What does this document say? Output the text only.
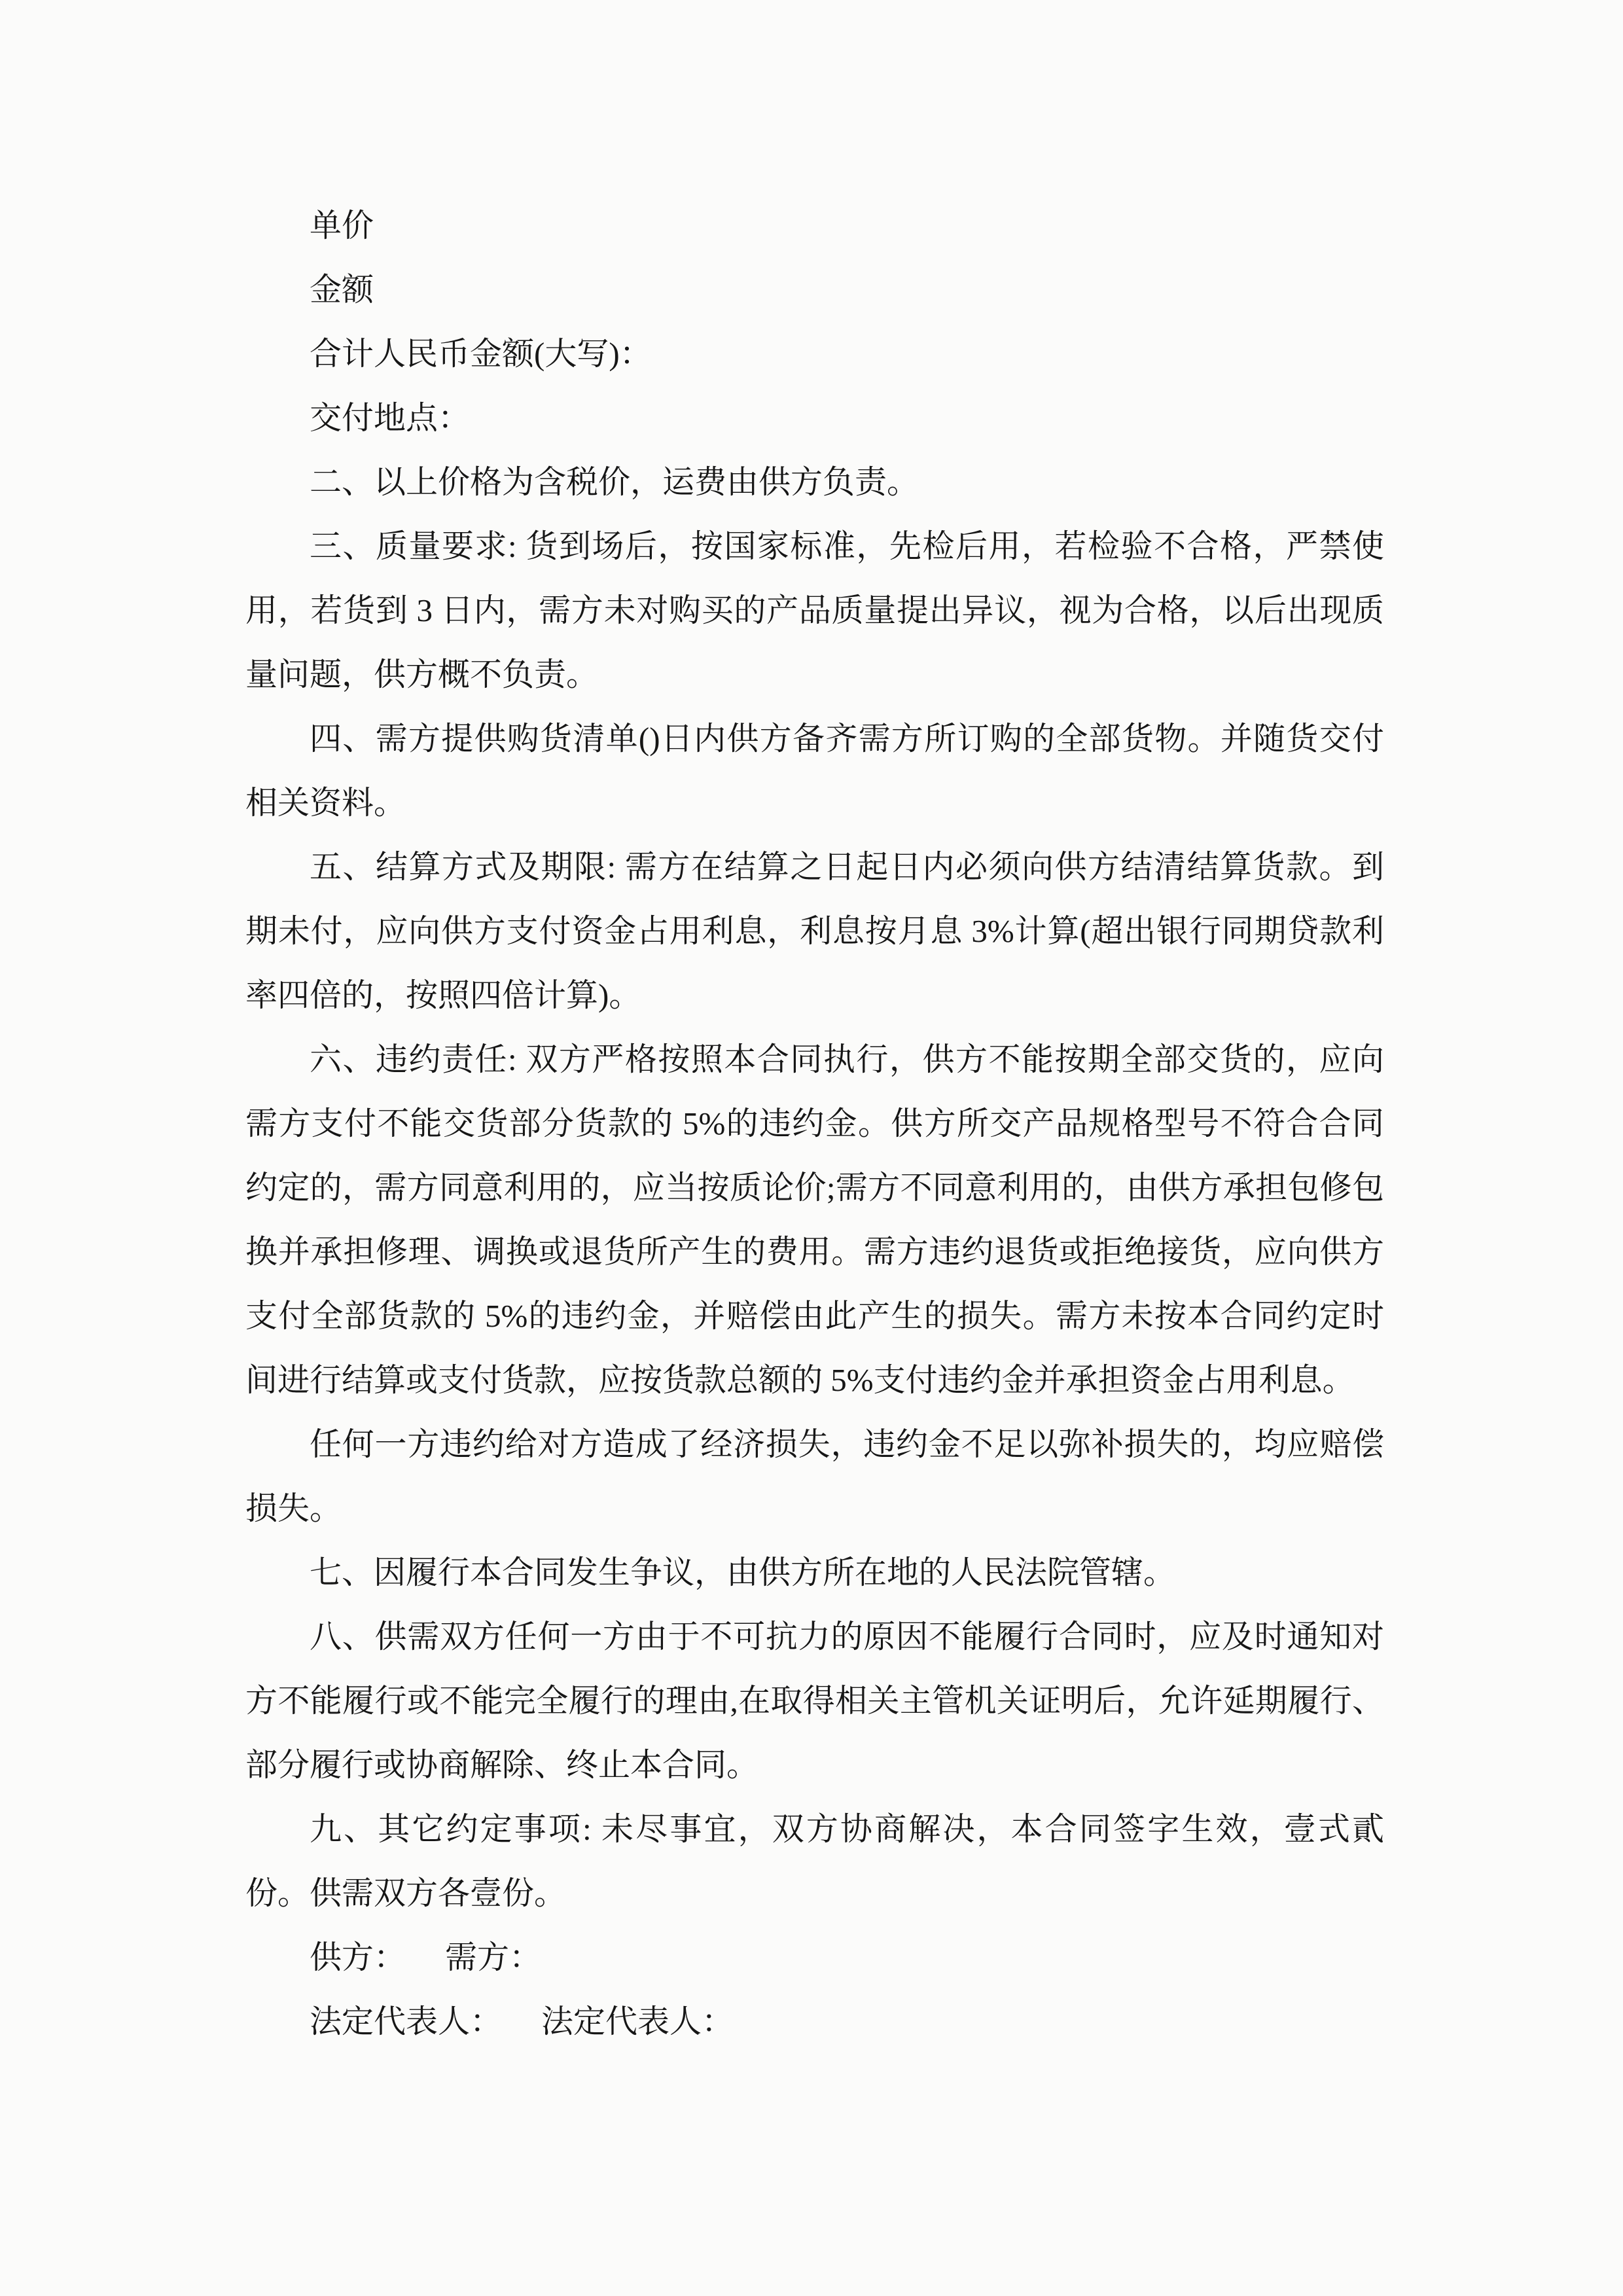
单价

金额

合计人民币金额(大写)：

交付地点：

二、以上价格为含税价，运费由供方负责。

三、质量要求: 货到场后，按国家标准，先检后用，若检验不合格，严禁使用，若货到 3 日内，需方未对购买的产品质量提出异议，视为合格，以后出现质量问题，供方概不负责。

四、需方提供购货清单()日内供方备齐需方所订购的全部货物。并随货交付相关资料。

五、结算方式及期限: 需方在结算之日起日内必须向供方结清结算货款。到期未付，应向供方支付资金占用利息，利息按月息 3%计算(超出银行同期贷款利率四倍的，按照四倍计算)。

六、违约责任: 双方严格按照本合同执行，供方不能按期全部交货的，应向需方支付不能交货部分货款的 5%的违约金。供方所交产品规格型号不符合合同约定的，需方同意利用的，应当按质论价;需方不同意利用的，由供方承担包修包换并承担修理、调换或退货所产生的费用。需方违约退货或拒绝接货，应向供方支付全部货款的 5%的违约金，并赔偿由此产生的损失。需方未按本合同约定时间进行结算或支付货款，应按货款总额的 5%支付违约金并承担资金占用利息。

任何一方违约给对方造成了经济损失，违约金不足以弥补损失的，均应赔偿损失。

七、因履行本合同发生争议，由供方所在地的人民法院管辖。

八、供需双方任何一方由于不可抗力的原因不能履行合同时，应及时通知对方不能履行或不能完全履行的理由,在取得相关主管机关证明后，允许延期履行、部分履行或协商解除、终止本合同。

九、其它约定事项: 未尽事宜，双方协商解决，本合同签字生效，壹式貳份。供需双方各壹份。

供方： 需方：

法定代表人： 法定代表人：
